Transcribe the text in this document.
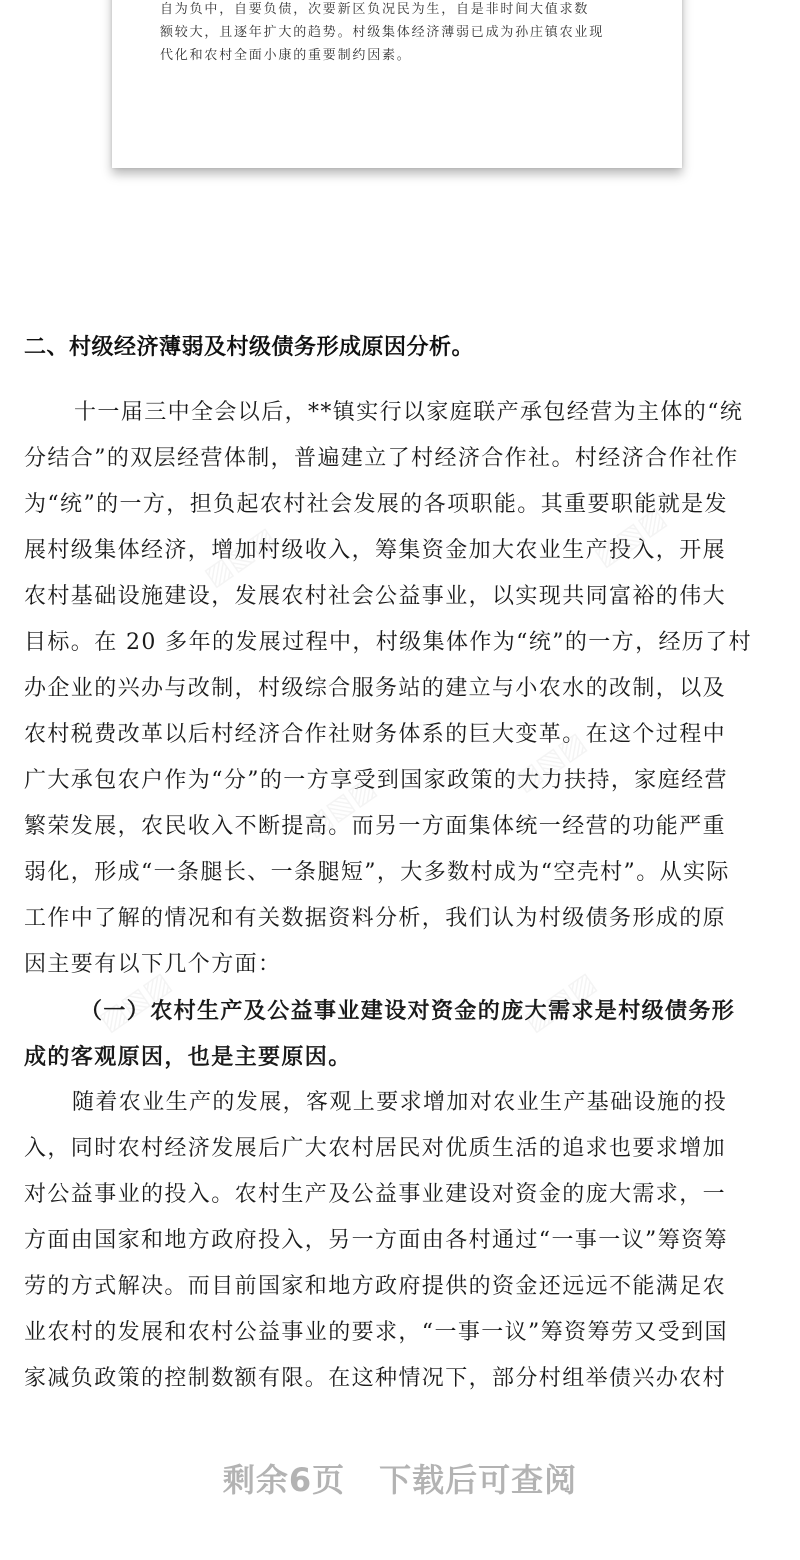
自为负中，自要负债，次要新区负况民为生，自是非时间大值求数
额较大，且逐年扩大的趋势。村级集体经济薄弱已成为孙庄镇农业现
代化和农村全面小康的重要制约因素。

二、村级经济薄弱及村级债务形成原因分析。
十一届三中全会以后，**镇实行以家庭联产承包经营为主体的“统
分结合”的双层经营体制，普遍建立了村经济合作社。村经济合作社作
为“统”的一方，担负起农村社会发展的各项职能。其重要职能就是发
展村级集体经济，增加村级收入，筹集资金加大农业生产投入，开展
农村基础设施建设，发展农村社会公益事业，以实现共同富裕的伟大
目标。在 20 多年的发展过程中，村级集体作为“统”的一方，经历了村
办企业的兴办与改制，村级综合服务站的建立与小农水的改制，以及
农村税费改革以后村经济合作社财务体系的巨大变革。在这个过程中
广大承包农户作为“分”的一方享受到国家政策的大力扶持，家庭经营
繁荣发展，农民收入不断提高。而另一方面集体统一经营的功能严重
弱化，形成“一条腿长、一条腿短”，大多数村成为“空壳村”。从实际
工作中了解的情况和有关数据资料分析，我们认为村级债务形成的原
因主要有以下几个方面：
（一）农村生产及公益事业建设对资金的庞大需求是村级债务形
成的客观原因，也是主要原因。
随着农业生产的发展，客观上要求增加对农业生产基础设施的投
入，同时农村经济发展后广大农村居民对优质生活的追求也要求增加
对公益事业的投入。农村生产及公益事业建设对资金的庞大需求，一
方面由国家和地方政府投入，另一方面由各村通过“一事一议”筹资筹
劳的方式解决。而目前国家和地方政府提供的资金还远远不能满足农
业农村的发展和农村公益事业的要求，“一事一议”筹资筹劳又受到国
家减负政策的控制数额有限。在这种情况下，部分村组举债兴办农村
剩余6页 下载后可查阅
